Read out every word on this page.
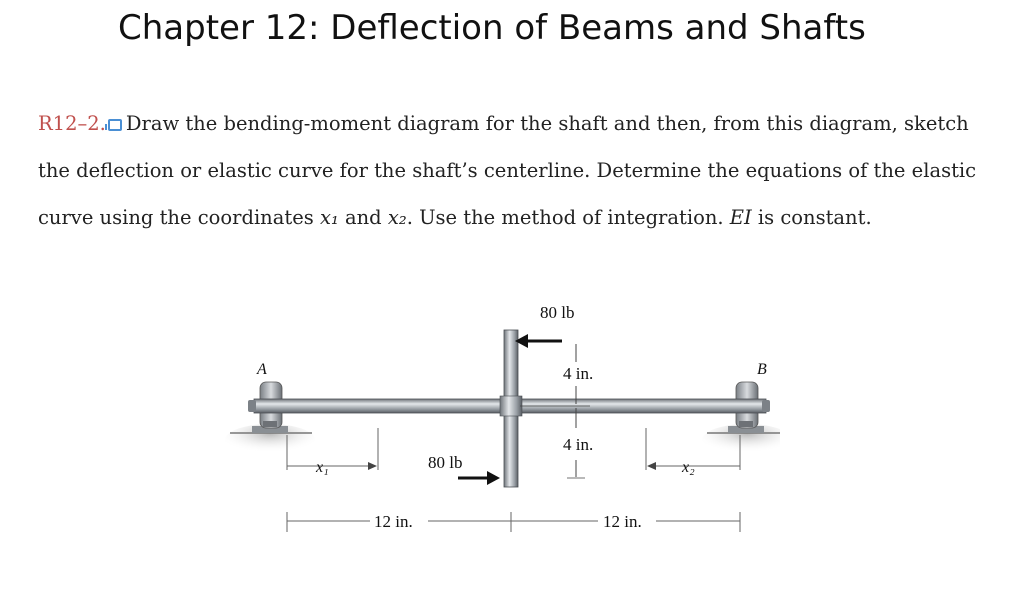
Chapter 12: Deflection of Beams and Shafts
R12–2. Draw the bending-moment diagram for the shaft and then, from this diagram, sketch the deflection or elastic curve for the shaft’s centerline. Determine the equations of the elastic curve using the coordinates x₁ and x₂. Use the method of integration. EI is constant.
A	B
80 lb
80 lb
4 in.
4 in.
x₁	x₂
12 in.	12 in.
